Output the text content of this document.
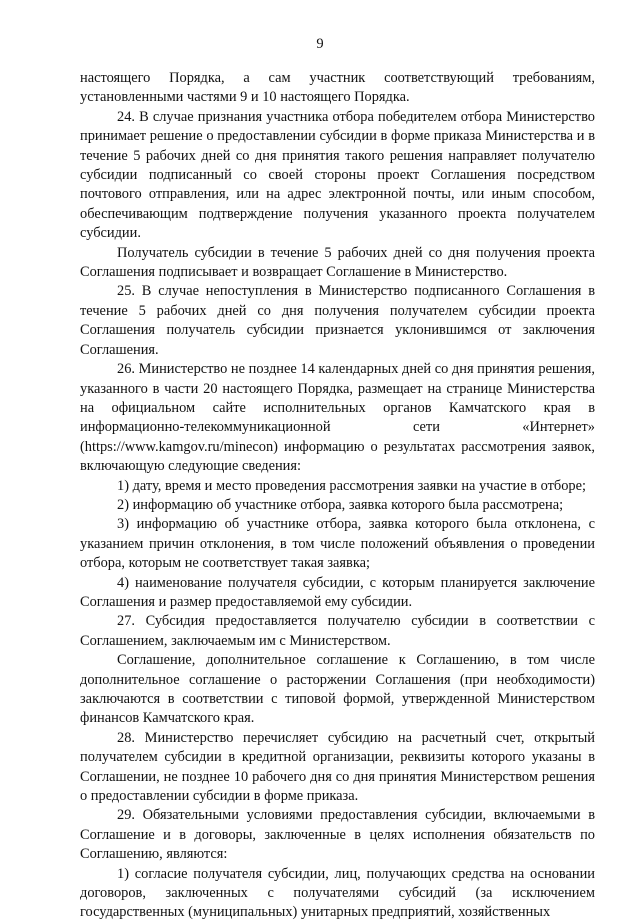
9

настоящего Порядка, а сам участник соответствующий требованиям, установленными частями 9 и 10 настоящего Порядка.

24. В случае признания участника отбора победителем отбора Министерство принимает решение о предоставлении субсидии в форме приказа Министерства и в течение 5 рабочих дней со дня принятия такого решения направляет получателю субсидии подписанный со своей стороны проект Соглашения посредством почтового отправления, или на адрес электронной почты, или иным способом, обеспечивающим подтверждение получения указанного проекта получателем субсидии.

Получатель субсидии в течение 5 рабочих дней со дня получения проекта Соглашения подписывает и возвращает Соглашение в Министерство.

25. В случае непоступления в Министерство подписанного Соглашения в течение 5 рабочих дней со дня получения получателем субсидии проекта Соглашения получатель субсидии признается уклонившимся от заключения Соглашения.

26. Министерство не позднее 14 календарных дней со дня принятия решения, указанного в части 20 настоящего Порядка, размещает на странице Министерства на официальном сайте исполнительных органов Камчатского края в информационно-телекоммуникационной сети «Интернет» (https://www.kamgov.ru/minecon) информацию о результатах рассмотрения заявок, включающую следующие сведения:

1) дату, время и место проведения рассмотрения заявки на участие в отборе;

2) информацию об участнике отбора, заявка которого была рассмотрена;

3) информацию об участнике отбора, заявка которого была отклонена, с указанием причин отклонения, в том числе положений объявления о проведении отбора, которым не соответствует такая заявка;

4) наименование получателя субсидии, с которым планируется заключение Соглашения и размер предоставляемой ему субсидии.

27. Субсидия предоставляется получателю субсидии в соответствии с Соглашением, заключаемым им с Министерством.

Соглашение, дополнительное соглашение к Соглашению, в том числе дополнительное соглашение о расторжении Соглашения (при необходимости) заключаются в соответствии с типовой формой, утвержденной Министерством финансов Камчатского края.

28. Министерство перечисляет субсидию на расчетный счет, открытый получателем субсидии в кредитной организации, реквизиты которого указаны в Соглашении, не позднее 10 рабочего дня со дня принятия Министерством решения о предоставлении субсидии в форме приказа.

29. Обязательными условиями предоставления субсидии, включаемыми в Соглашение и в договоры, заключенные в целях исполнения обязательств по Соглашению, являются:

1) согласие получателя субсидии, лиц, получающих средства на основании договоров, заключенных с получателями субсидий (за исключением государственных (муниципальных) унитарных предприятий, хозяйственных
